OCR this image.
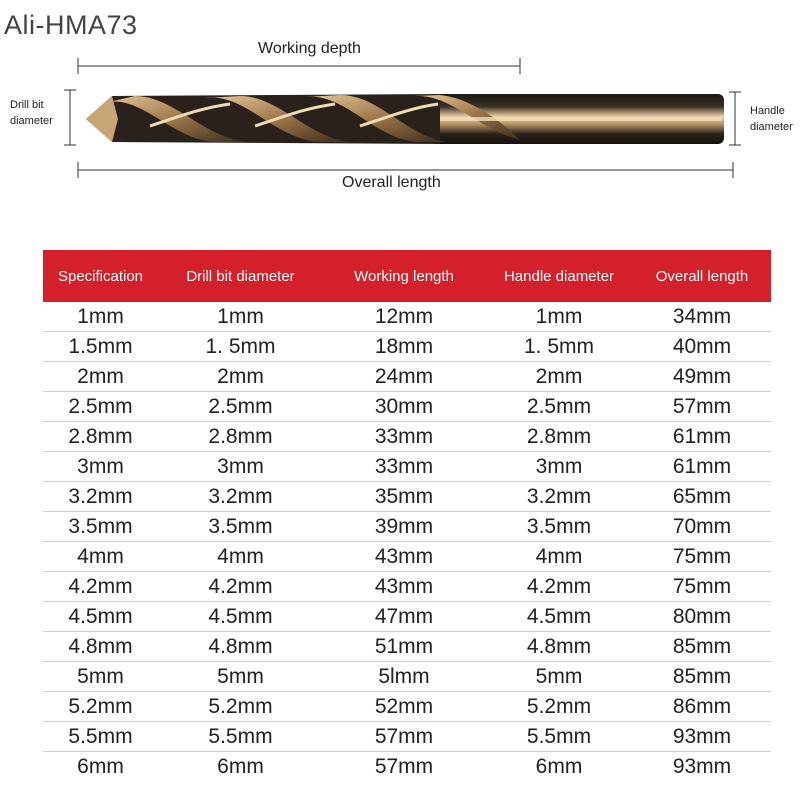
Ali-HMA73
Working depth
Drill bit
diameter
Handle
diameter
Overall length
Specification	Drill bit diameter	Working length	Handle diameter	Overall length
1mm	1mm	12mm	1mm	34mm
1.5mm	1. 5mm	18mm	1. 5mm	40mm
2mm	2mm	24mm	2mm	49mm
2.5mm	2.5mm	30mm	2.5mm	57mm
2.8mm	2.8mm	33mm	2.8mm	61mm
3mm	3mm	33mm	3mm	61mm
3.2mm	3.2mm	35mm	3.2mm	65mm
3.5mm	3.5mm	39mm	3.5mm	70mm
4mm	4mm	43mm	4mm	75mm
4.2mm	4.2mm	43mm	4.2mm	75mm
4.5mm	4.5mm	47mm	4.5mm	80mm
4.8mm	4.8mm	51mm	4.8mm	85mm
5mm	5mm	5lmm	5mm	85mm
5.2mm	5.2mm	52mm	5.2mm	86mm
5.5mm	5.5mm	57mm	5.5mm	93mm
6mm	6mm	57mm	6mm	93mm
